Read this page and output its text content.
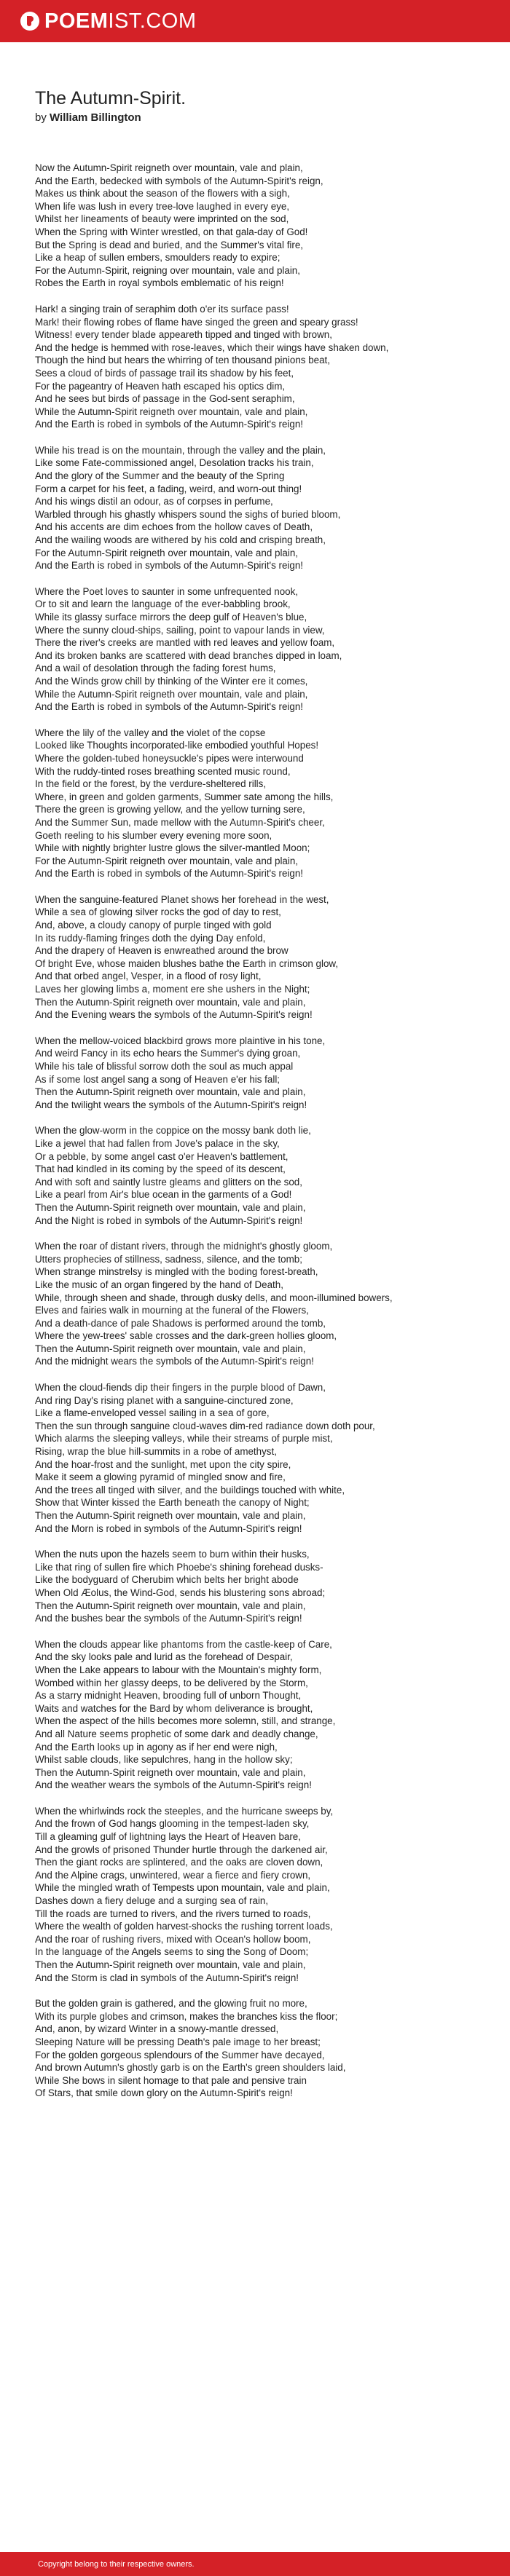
POEM IST.COM
The Autumn-Spirit.
by William Billington
Now the Autumn-Spirit reigneth over mountain, vale and plain,
And the Earth, bedecked with symbols of the Autumn-Spirit's reign,
Makes us think about the season of the flowers with a sigh,
When life was lush in every tree-love laughed in every eye,
Whilst her lineaments of beauty were imprinted on the sod,
When the Spring with Winter wrestled, on that gala-day of God!
But the Spring is dead and buried, and the Summer's vital fire,
Like a heap of sullen embers, smoulders ready to expire;
For the Autumn-Spirit, reigning over mountain, vale and plain,
Robes the Earth in royal symbols emblematic of his reign!
Hark! a singing train of seraphim doth o'er its surface pass!
Mark! their flowing robes of flame have singed the green and speary grass!
Witness! every tender blade appeareth tipped and tinged with brown,
And the hedge is hemmed with rose-leaves, which their wings have shaken down,
Though the hind but hears the whirring of ten thousand pinions beat,
Sees a cloud of birds of passage trail its shadow by his feet,
For the pageantry of Heaven hath escaped his optics dim,
And he sees but birds of passage in the God-sent seraphim,
While the Autumn-Spirit reigneth over mountain, vale and plain,
And the Earth is robed in symbols of the Autumn-Spirit's reign!
While his tread is on the mountain, through the valley and the plain,
Like some Fate-commissioned angel, Desolation tracks his train,
And the glory of the Summer and the beauty of the Spring
Form a carpet for his feet, a fading, weird, and worn-out thing!
And his wings distil an odour, as of corpses in perfume,
Warbled through his ghastly whispers sound the sighs of buried bloom,
And his accents are dim echoes from the hollow caves of Death,
And the wailing woods are withered by his cold and crisping breath,
For the Autumn-Spirit reigneth over mountain, vale and plain,
And the Earth is robed in symbols of the Autumn-Spirit's reign!
Where the Poet loves to saunter in some unfrequented nook,
Or to sit and learn the language of the ever-babbling brook,
While its glassy surface mirrors the deep gulf of Heaven's blue,
Where the sunny cloud-ships, sailing, point to vapour lands in view,
There the river's creeks are mantled with red leaves and yellow foam,
And its broken banks are scattered with dead branches dipped in loam,
And a wail of desolation through the fading forest hums,
And the Winds grow chill by thinking of the Winter ere it comes,
While the Autumn-Spirit reigneth over mountain, vale and plain,
And the Earth is robed in symbols of the Autumn-Spirit's reign!
Where the lily of the valley and the violet of the copse
Looked like Thoughts incorporated-like embodied youthful Hopes!
Where the golden-tubed honeysuckle's pipes were interwound
With the ruddy-tinted roses breathing scented music round,
In the field or the forest, by the verdure-sheltered rills,
Where, in green and golden garments, Summer sate among the hills,
There the green is growing yellow, and the yellow turning sere,
And the Summer Sun, made mellow with the Autumn-Spirit's cheer,
Goeth reeling to his slumber every evening more soon,
While with nightly brighter lustre glows the silver-mantled Moon;
For the Autumn-Spirit reigneth over mountain, vale and plain,
And the Earth is robed in symbols of the Autumn-Spirit's reign!
When the sanguine-featured Planet shows her forehead in the west,
While a sea of glowing silver rocks the god of day to rest,
And, above, a cloudy canopy of purple tinged with gold
In its ruddy-flaming fringes doth the dying Day enfold,
And the drapery of Heaven is enwreathed around the brow
Of bright Eve, whose maiden blushes bathe the Earth in crimson glow,
And that orbed angel, Vesper, in a flood of rosy light,
Laves her glowing limbs a, moment ere she ushers in the Night;
Then the Autumn-Spirit reigneth over mountain, vale and plain,
And the Evening wears the symbols of the Autumn-Spirit's reign!
When the mellow-voiced blackbird grows more plaintive in his tone,
And weird Fancy in its echo hears the Summer's dying groan,
While his tale of blissful sorrow doth the soul as much appal
As if some lost angel sang a song of Heaven e'er his fall;
Then the Autumn-Spirit reigneth over mountain, vale and plain,
And the twilight wears the symbols of the Autumn-Spirit's reign!
When the glow-worm in the coppice on the mossy bank doth lie,
Like a jewel that had fallen from Jove's palace in the sky,
Or a pebble, by some angel cast o'er Heaven's battlement,
That had kindled in its coming by the speed of its descent,
And with soft and saintly lustre gleams and glitters on the sod,
Like a pearl from Air's blue ocean in the garments of a God!
Then the Autumn-Spirit reigneth over mountain, vale and plain,
And the Night is robed in symbols of the Autumn-Spirit's reign!
When the roar of distant rivers, through the midnight's ghostly gloom,
Utters prophecies of stillness, sadness, silence, and the tomb;
When strange minstrelsy is mingled with the boding forest-breath,
Like the music of an organ fingered by the hand of Death,
While, through sheen and shade, through dusky dells, and moon-illumined bowers,
Elves and fairies walk in mourning at the funeral of the Flowers,
And a death-dance of pale Shadows is performed around the tomb,
Where the yew-trees' sable crosses and the dark-green hollies gloom,
Then the Autumn-Spirit reigneth over mountain, vale and plain,
And the midnight wears the symbols of the Autumn-Spirit's reign!
When the cloud-fiends dip their fingers in the purple blood of Dawn,
And ring Day's rising planet with a sanguine-cinctured zone,
Like a flame-enveloped vessel sailing in a sea of gore,
Then the sun through sanguine cloud-waves dim-red radiance down doth pour,
Which alarms the sleeping valleys, while their streams of purple mist,
Rising, wrap the blue hill-summits in a robe of amethyst,
And the hoar-frost and the sunlight, met upon the city spire,
Make it seem a glowing pyramid of mingled snow and fire,
And the trees all tinged with silver, and the buildings touched with white,
Show that Winter kissed the Earth beneath the canopy of Night;
Then the Autumn-Spirit reigneth over mountain, vale and plain,
And the Morn is robed in symbols of the Autumn-Spirit's reign!
When the nuts upon the hazels seem to burn within their husks,
Like that ring of sullen fire which Phoebe's shining forehead dusks-
Like the bodyguard of Cherubim which belts her bright abode
When Old Æolus, the Wind-God, sends his blustering sons abroad;
Then the Autumn-Spirit reigneth over mountain, vale and plain,
And the bushes bear the symbols of the Autumn-Spirit's reign!
When the clouds appear like phantoms from the castle-keep of Care,
And the sky looks pale and lurid as the forehead of Despair,
When the Lake appears to labour with the Mountain's mighty form,
Wombed within her glassy deeps, to be delivered by the Storm,
As a starry midnight Heaven, brooding full of unborn Thought,
Waits and watches for the Bard by whom deliverance is brought,
When the aspect of the hills becomes more solemn, still, and strange,
And all Nature seems prophetic of some dark and deadly change,
And the Earth looks up in agony as if her end were nigh,
Whilst sable clouds, like sepulchres, hang in the hollow sky;
Then the Autumn-Spirit reigneth over mountain, vale and plain,
And the weather wears the symbols of the Autumn-Spirit's reign!
When the whirlwinds rock the steeples, and the hurricane sweeps by,
And the frown of God hangs glooming in the tempest-laden sky,
Till a gleaming gulf of lightning lays the Heart of Heaven bare,
And the growls of prisoned Thunder hurtle through the darkened air,
Then the giant rocks are splintered, and the oaks are cloven down,
And the Alpine crags, unwintered, wear a fierce and fiery crown,
While the mingled wrath of Tempests upon mountain, vale and plain,
Dashes down a fiery deluge and a surging sea of rain,
Till the roads are turned to rivers, and the rivers turned to roads,
Where the wealth of golden harvest-shocks the rushing torrent loads,
And the roar of rushing rivers, mixed with Ocean's hollow boom,
In the language of the Angels seems to sing the Song of Doom;
Then the Autumn-Spirit reigneth over mountain, vale and plain,
And the Storm is clad in symbols of the Autumn-Spirit's reign!
But the golden grain is gathered, and the glowing fruit no more,
With its purple globes and crimson, makes the branches kiss the floor;
And, anon, by wizard Winter in a snowy-mantle dressed,
Sleeping Nature will be pressing Death's pale image to her breast;
For the golden gorgeous splendours of the Summer have decayed,
And brown Autumn's ghostly garb is on the Earth's green shoulders laid,
While She bows in silent homage to that pale and pensive train
Of Stars, that smile down glory on the Autumn-Spirit's reign!
Copyright belong to their respective owners.
